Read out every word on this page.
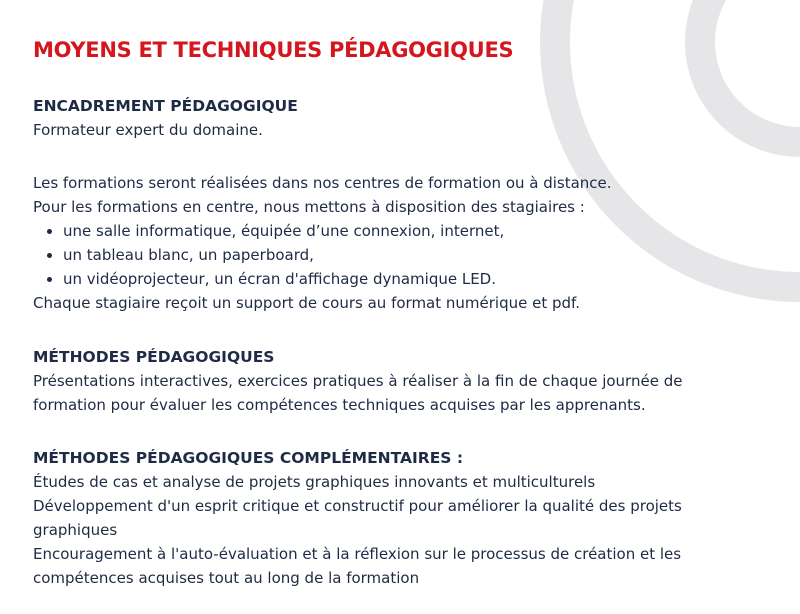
MOYENS ET TECHNIQUES PÉDAGOGIQUES
ENCADREMENT PÉDAGOGIQUE
Formateur expert du domaine.
Les formations seront réalisées dans nos centres de formation ou à distance.
Pour les formations en centre, nous mettons à disposition des stagiaires :
une salle informatique, équipée d’une connexion, internet,
un tableau blanc, un paperboard,
un vidéoprojecteur, un écran d'affichage dynamique LED.
Chaque stagiaire reçoit un support de cours au format numérique et pdf.
MÉTHODES PÉDAGOGIQUES
Présentations interactives, exercices pratiques à réaliser à la fin de chaque journée de
formation pour évaluer les compétences techniques acquises par les apprenants.
MÉTHODES PÉDAGOGIQUES COMPLÉMENTAIRES :
Études de cas et analyse de projets graphiques innovants et multiculturels
Développement d'un esprit critique et constructif pour améliorer la qualité des projets
graphiques
Encouragement à l'auto-évaluation et à la réflexion sur le processus de création et les
compétences acquises tout au long de la formation
